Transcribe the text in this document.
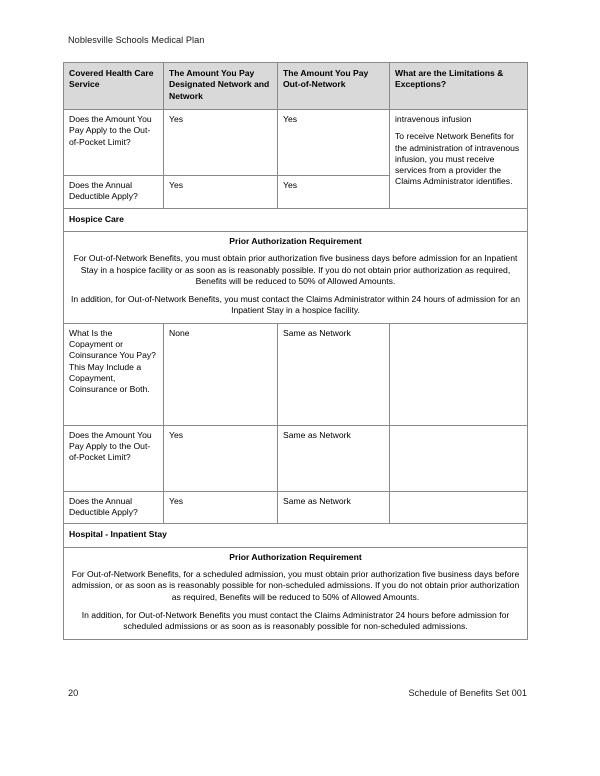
Noblesville Schools Medical Plan
Covered Health Care Service	The Amount You Pay Designated Network and Network	The Amount You Pay Out-of-Network	What are the Limitations & Exceptions?
Does the Amount You Pay Apply to the Out-of-Pocket Limit?	Yes	Yes	intravenous infusion

To receive Network Benefits for the administration of intravenous infusion, you must receive services from a provider the Claims Administrator identifies.

Does the Annual Deductible Apply?	Yes	Yes	
Hospice Care			

Prior Authorization Requirement

For Out-of-Network Benefits, you must obtain prior authorization five business days before admission for an Inpatient Stay in a hospice facility or as soon as is reasonably possible. If you do not obtain prior authorization as required, Benefits will be reduced to 50% of Allowed Amounts.

In addition, for Out-of-Network Benefits, you must contact the Claims Administrator within 24 hours of admission for an Inpatient Stay in a hospice facility.			

What Is the Copayment or Coinsurance You Pay? This May Include a Copayment, Coinsurance or Both.	None	Same as Network	
Does the Amount You Pay Apply to the Out-of-Pocket Limit?	Yes	Same as Network	
Does the Annual Deductible Apply?	Yes	Same as Network	
Hospital - Inpatient Stay			

Prior Authorization Requirement

For Out-of-Network Benefits, for a scheduled admission, you must obtain prior authorization five business days before admission, or as soon as is reasonably possible for non-scheduled admissions. If you do not obtain prior authorization as required, Benefits will be reduced to 50% of Allowed Amounts.

In addition, for Out-of-Network Benefits you must contact the Claims Administrator 24 hours before admission for scheduled admissions or as soon as is reasonably possible for non-scheduled admissions.			

20	Schedule of Benefits Set 001
